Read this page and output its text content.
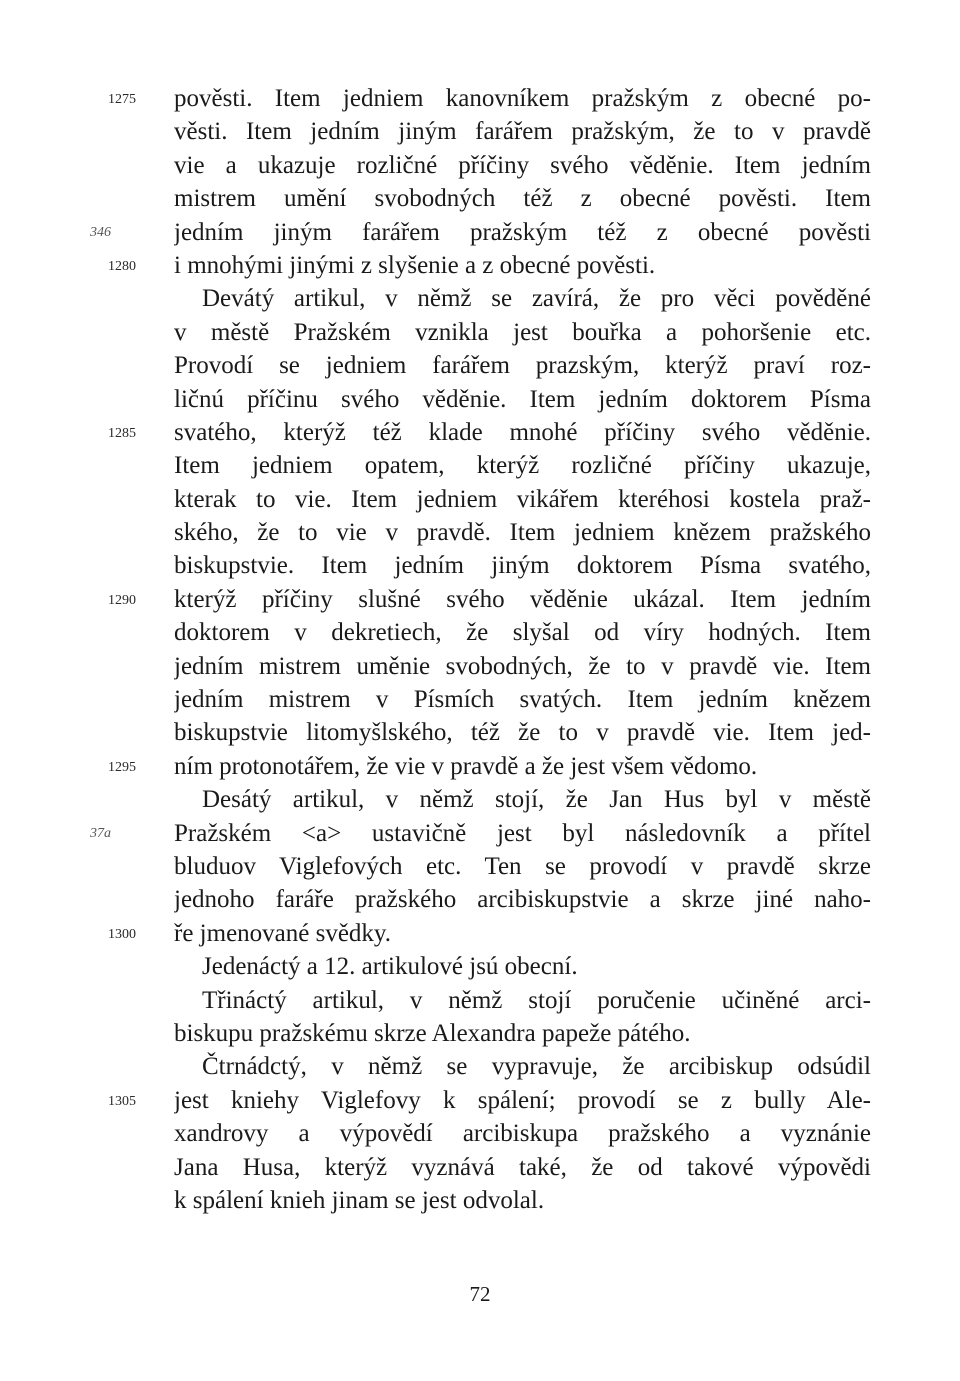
1275	pověsti. Item jedniem kanovníkem pražským z obecné po-
věsti. Item jedním jiným farářem pražským, že to v pravdě
vie a ukazuje rozličné příčiny svého věděnie. Item jedním
mistrem umění svobodných též z obecné pověsti. Item
346	jedním jiným farářem pražským též z obecné pověsti
1280	i mnohými jinými z slyšenie a z obecné pověsti.
Devátý artikul, v němž se zavírá, že pro věci pověděné
v městě Pražském vznikla jest bouřka a pohoršenie etc.
Provodí se jedniem farářem prazským, kterýž praví roz-
ličnú příčinu svého věděnie. Item jedním doktorem Písma
1285	svatého, kterýž též klade mnohé příčiny svého věděnie.
Item jedniem opatem, kterýž rozličné příčiny ukazuje,
kterak to vie. Item jedniem vikářem kteréhosi kostela praž-
ského, že to vie v pravdě. Item jedniem knězem pražského
biskupstvie. Item jedním jiným doktorem Písma svatého,
1290	kterýž příčiny slušné svého věděnie ukázal. Item jedním
doktorem v dekretiech, že slyšal od víry hodných. Item
jedním mistrem uměnie svobodných, že to v pravdě vie. Item
jedním mistrem v Písmích svatých. Item jedním knězem
biskupstvie litomyšlského, též že to v pravdě vie. Item jed-
1295	ním protonotářem, že vie v pravdě a že jest všem vědomo.
Desátý artikul, v němž stojí, že Jan Hus byl v městě
37a	Pražském <a> ustavičně jest byl následovník a přítel
bluduov Viglefových etc. Ten se provodí v pravdě skrze
jednoho faráře pražského arcibiskupstvie a skrze jiné naho-
1300	ře jmenované svědky.
Jedenáctý a 12. artikulové jsú obecní.
Třináctý artikul, v němž stojí poručenie učiněné arci-
biskupu pražskému skrze Alexandra papeže pátého.
Čtrnádctý, v němž se vypravuje, že arcibiskup odsúdil
1305	jest kniehy Viglefovy k spálení; provodí se z bully Ale-
xandrovy a výpovědí arcibiskupa pražského a vyznánie
Jana Husa, kterýž vyznává také, že od takové výpovědi
k spálení knieh jinam se jest odvolal.
72
